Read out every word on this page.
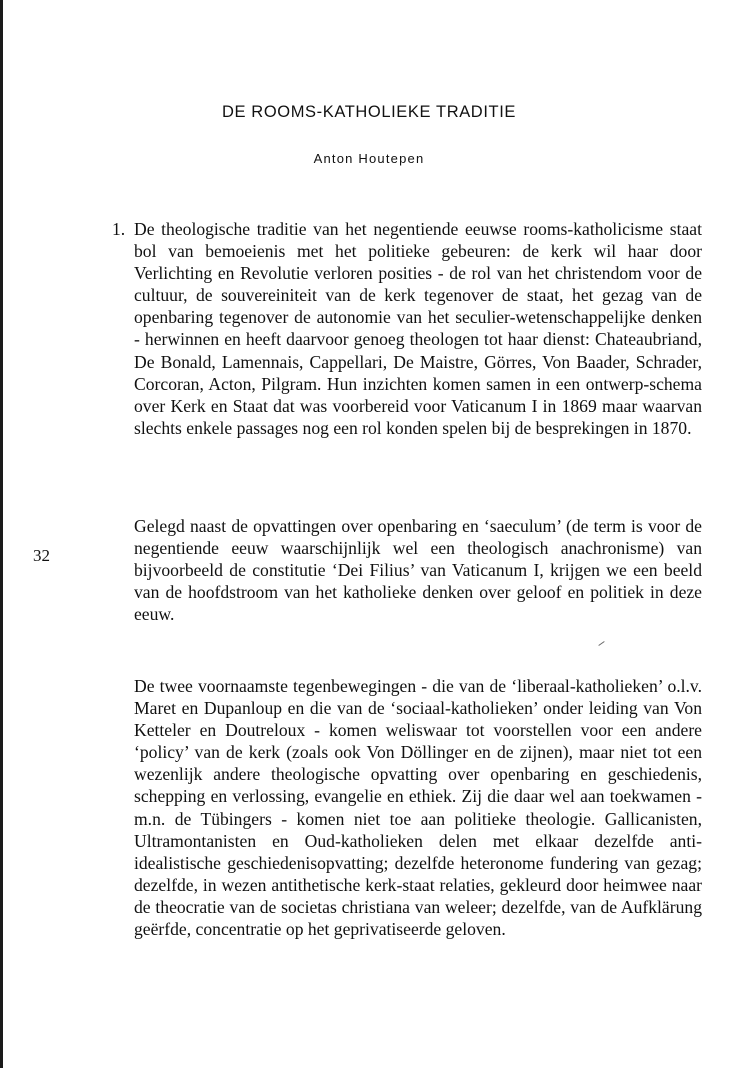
DE ROOMS-KATHOLIEKE TRADITIE

Anton Houtepen

32

1. De theologische traditie van het negentiende eeuwse rooms-katholicisme staat bol van bemoeienis met het politieke gebeuren: de kerk wil haar door Verlichting en Revolutie verloren posities - de rol van het christendom voor de cultuur, de souvereiniteit van de kerk tegenover de staat, het gezag van de openbaring tegenover de autonomie van het seculier-wetenschappelijke denken - herwinnen en heeft daarvoor genoeg theologen tot haar dienst: Chateaubriand, De Bonald, Lamennais, Cappellari, De Maistre, Görres, Von Baader, Schrader, Corcoran, Acton, Pilgram. Hun inzichten komen samen in een ontwerp-schema over Kerk en Staat dat was voorbereid voor Vaticanum I in 1869 maar waarvan slechts enkele passages nog een rol konden spelen bij de besprekingen in 1870.
Gelegd naast de opvattingen over openbaring en ‘saeculum’ (de term is voor de negentiende eeuw waarschijnlijk wel een theologisch anachronisme) van bijvoorbeeld de constitutie ‘Dei Filius’ van Vaticanum I, krijgen we een beeld van de hoofdstroom van het katholieke denken over geloof en politiek in deze eeuw.
De twee voornaamste tegenbewegingen - die van de ‘liberaal-katholieken’ o.l.v. Maret en Dupanloup en die van de ‘sociaal-katholieken’ onder leiding van Von Ketteler en Doutreloux - komen weliswaar tot voorstellen voor een andere ‘policy’ van de kerk (zoals ook Von Döllinger en de zijnen), maar niet tot een wezenlijk andere theologische opvatting over openbaring en geschiedenis, schepping en verlossing, evangelie en ethiek. Zij die daar wel aan toekwamen - m.n. de Tübingers - komen niet toe aan politieke theologie. Gallicanisten, Ultramontanisten en Oud-katholieken delen met elkaar dezelfde anti-idealistische geschiedenisopvatting; dezelfde heteronome fundering van gezag; dezelfde, in wezen antithetische kerk-staat relaties, gekleurd door heimwee naar de theocratie van de societas christiana van weleer; dezelfde, van de Aufklärung geërfde, concentratie op het geprivatiseerde geloven.
